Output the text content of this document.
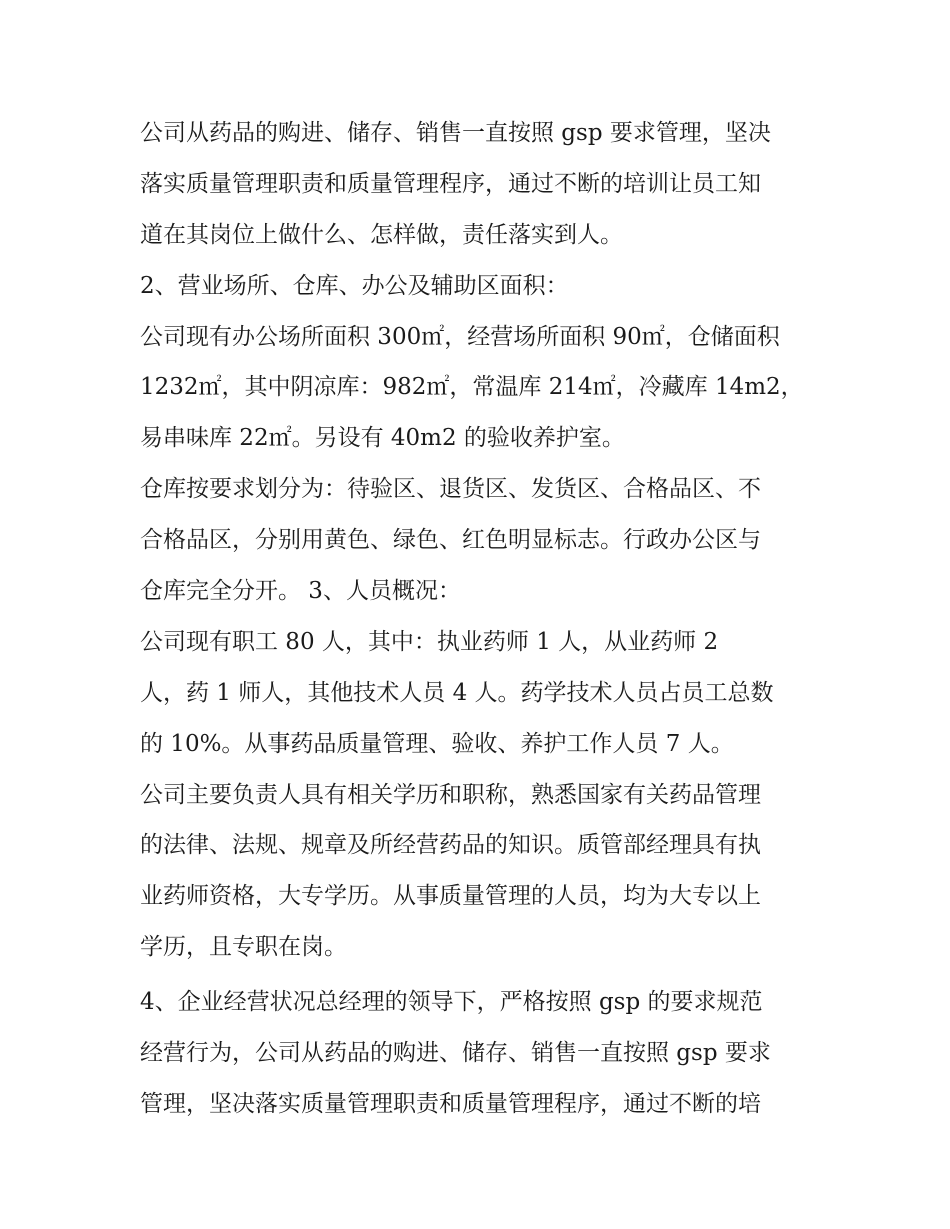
公司从药品的购进、储存、销售一直按照 gsp 要求管理，坚决
落实质量管理职责和质量管理程序，通过不断的培训让员工知
道在其岗位上做什么、怎样做，责任落实到人。
2、营业场所、仓库、办公及辅助区面积：
公司现有办公场所面积 300㎡，经营场所面积 90㎡，仓储面积
1232㎡，其中阴凉库：982㎡，常温库 214㎡，冷藏库 14m2，
易串味库 22㎡。另设有 40m2 的验收养护室。
仓库按要求划分为：待验区、退货区、发货区、合格品区、不
合格品区，分别用黄色、绿色、红色明显标志。行政办公区与
仓库完全分开。 3、人员概况：
公司现有职工 80 人，其中：执业药师 1 人，从业药师 2
人，药 1 师人，其他技术人员 4 人。药学技术人员占员工总数
的 10%。从事药品质量管理、验收、养护工作人员 7 人。
公司主要负责人具有相关学历和职称，熟悉国家有关药品管理
的法律、法规、规章及所经营药品的知识。质管部经理具有执
业药师资格，大专学历。从事质量管理的人员，均为大专以上
学历，且专职在岗。
4、企业经营状况总经理的领导下，严格按照 gsp 的要求规范
经营行为，公司从药品的购进、储存、销售一直按照 gsp 要求
管理，坚决落实质量管理职责和质量管理程序，通过不断的培
